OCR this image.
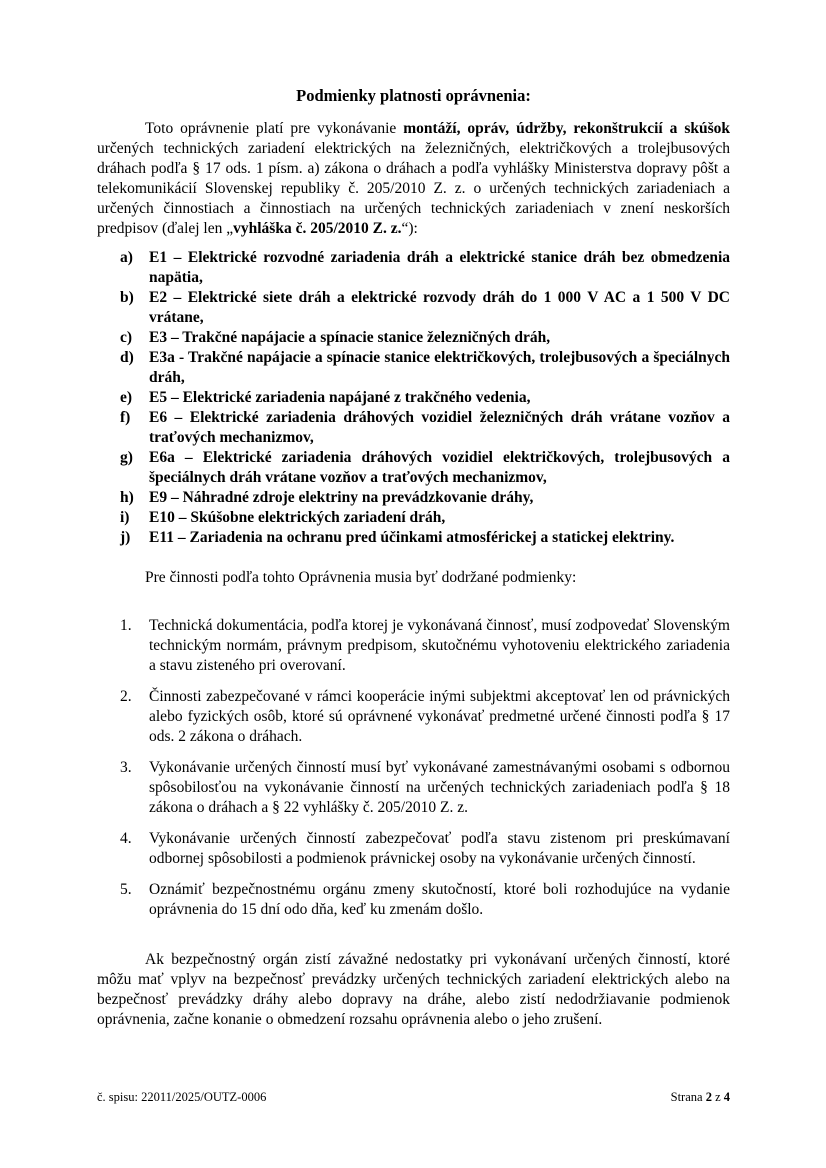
Podmienky platnosti oprávnenia:

Toto oprávnenie platí pre vykonávanie montáží, opráv, údržby, rekonštrukcií a skúšok určených technických zariadení elektrických na železničných, električkových a trolejbusových dráhach podľa § 17 ods. 1 písm. a) zákona o dráhach a podľa vyhlášky Ministerstva dopravy pôšt a telekomunikácií Slovenskej republiky č. 205/2010 Z. z. o určených technických zariadeniach a určených činnostiach a činnostiach na určených technických zariadeniach v znení neskorších predpisov (ďalej len „vyhláška č. 205/2010 Z. z.“):

a)	E1 – Elektrické rozvodné zariadenia dráh a elektrické stanice dráh bez obmedzenia napätia,
b) E2 – Elektrické siete dráh a elektrické rozvody dráh do 1 000 V AC a 1 500 V DC vrátane,
c)	E3 – Trakčné napájacie a spínacie stanice železničných dráh,
d) E3a - Trakčné napájacie a spínacie stanice električkových, trolejbusových a špeciálnych dráh,
e)	E5 – Elektrické zariadenia napájané z trakčného vedenia,
f)	E6 – Elektrické zariadenia dráhových vozidiel železničných dráh vrátane vozňov a traťových mechanizmov,
g)	E6a – Elektrické zariadenia dráhových vozidiel električkových, trolejbusových a špeciálnych dráh vrátane vozňov a traťových mechanizmov,
h) E9 – Náhradné zdroje elektriny na prevádzkovanie dráhy,
i)	E10 – Skúšobne elektrických zariadení dráh,
j)	E11 – Zariadenia na ochranu pred účinkami atmosférickej a statickej elektriny.

Pre činnosti podľa tohto Oprávnenia musia byť dodržané podmienky:

1.	Technická dokumentácia, podľa ktorej je vykonávaná činnosť, musí zodpovedať Slovenským technickým normám, právnym predpisom, skutočnému vyhotoveniu elektrického zariadenia a stavu zisteného pri overovaní.
2.	Činnosti zabezpečované v rámci kooperácie inými subjektmi akceptovať len od právnických alebo fyzických osôb, ktoré sú oprávnené vykonávať predmetné určené činnosti podľa § 17 ods. 2 zákona o dráhach.
3.	Vykonávanie určených činností musí byť vykonávané zamestnávanými osobami s odbornou spôsobilosťou na vykonávanie činností na určených technických zariadeniach podľa § 18 zákona o dráhach a § 22 vyhlášky č. 205/2010 Z. z.
4.	Vykonávanie určených činností zabezpečovať podľa stavu zistenom pri preskúmavaní odbornej spôsobilosti a podmienok právnickej osoby na vykonávanie určených činností.
5.	Oznámiť bezpečnostnému orgánu zmeny skutočností, ktoré boli rozhodujúce na vydanie oprávnenia do 15 dní odo dňa, keď ku zmenám došlo.

Ak bezpečnostný orgán zistí závažné nedostatky pri vykonávaní určených činností, ktoré môžu mať vplyv na bezpečnosť prevádzky určených technických zariadení elektrických alebo na bezpečnosť prevádzky dráhy alebo dopravy na dráhe, alebo zistí nedodržiavanie podmienok oprávnenia, začne konanie o obmedzení rozsahu oprávnenia alebo o jeho zrušení.

č. spisu: 22011/2025/OUTZ-0006	Strana 2 z 4
